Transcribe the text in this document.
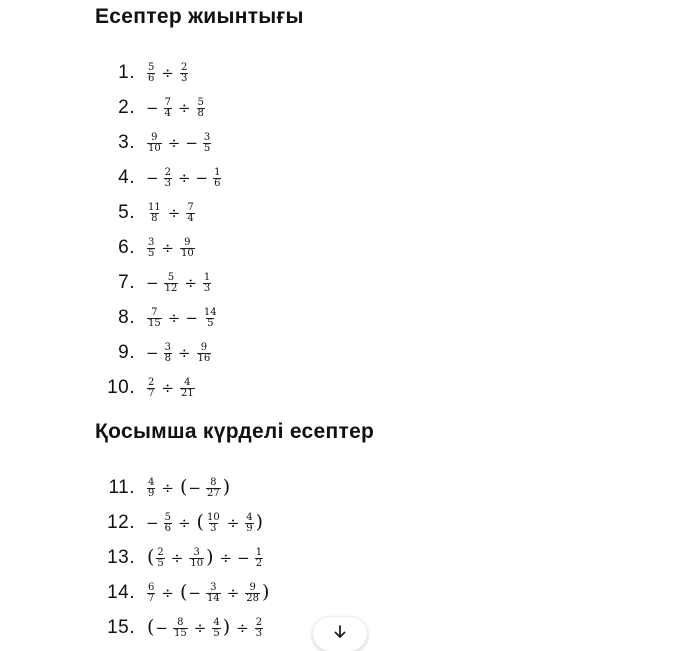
Есептер жиынтығы
1. $\frac{5}{6} \div \frac{2}{3}$
2. − $\frac{7}{4} \div \frac{5}{8}$
3. $\frac{9}{10}$ ÷ − $\frac{3}{5}$
4. − $\frac{2}{3}$ ÷ − $\frac{1}{6}$
5. $\frac{11}{8} \div \frac{7}{4}$
6. $\frac{3}{5} \div \frac{9}{10}$
7. − $\frac{5}{12} \div \frac{1}{3}$
8. $\frac{7}{15}$ ÷ − $\frac{14}{5}$
9. − $\frac{3}{8} \div \frac{9}{16}$
10. $\frac{2}{7} \div \frac{4}{21}$
Қосымша күрделі есептер
11. $\frac{4}{9}$ ÷ ( − $\frac{8}{27}$ )
12. − $\frac{5}{6}$ ÷ ( $\frac{10}{3} \div \frac{4}{9}$ )
13. ( $\frac{2}{5} \div \frac{3}{10}$ ) ÷ − $\frac{1}{2}$
14. $\frac{6}{7}$ ÷ ( − $\frac{3}{14} \div \frac{9}{28}$ )
15. ( − $\frac{8}{15} \div \frac{4}{5}$ ) ÷ $\frac{2}{3}$
